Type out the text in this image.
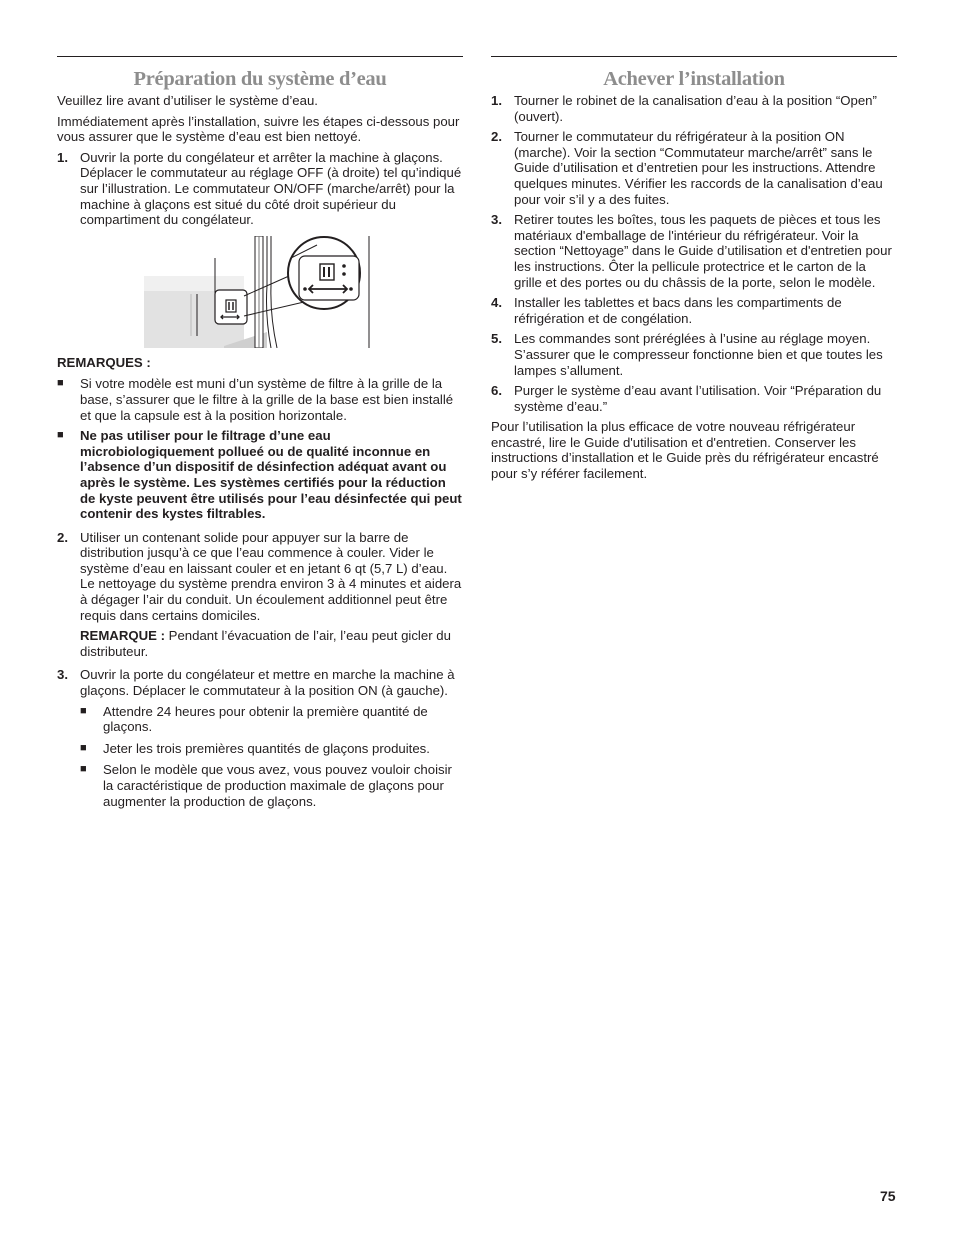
Préparation du système d’eau

Veuillez lire avant d’utiliser le système d’eau.

Immédiatement après l’installation, suivre les étapes ci-dessous pour vous assurer que le système d’eau est bien nettoyé.

1. Ouvrir la porte du congélateur et arrêter la machine à glaçons. Déplacer le commutateur au réglage OFF (à droite) tel qu’indiqué sur l’illustration. Le commutateur ON/OFF (marche/arrêt) pour la machine à glaçons est situé du côté droit supérieur du compartiment du congélateur.

REMARQUES :

■ Si votre modèle est muni d’un système de filtre à la grille de la base, s’assurer que le filtre à la grille de la base est bien installé et que la capsule est à la position horizontale.
■ Ne pas utiliser pour le filtrage d’une eau microbiologiquement pollueé ou de qualité inconnue en l’absence d’un dispositif de désinfection adéquat avant ou après le système. Les systèmes certifiés pour la réduction de kyste peuvent être utilisés pour l’eau désinfectée qui peut contenir des kystes filtrables.
2. Utiliser un contenant solide pour appuyer sur la barre de distribution jusqu’à ce que l’eau commence à couler. Vider le système d’eau en laissant couler et en jetant 6 qt (5,7 L) d’eau. Le nettoyage du système prendra environ 3 à 4 minutes et aidera à dégager l’air du conduit. Un écoulement additionnel peut être requis dans certains domiciles.

REMARQUE : Pendant l’évacuation de l’air, l’eau peut gicler du distributeur.

3. Ouvrir la porte du congélateur et mettre en marche la machine à glaçons. Déplacer le commutateur à la position ON (à gauche).
■ Attendre 24 heures pour obtenir la première quantité de glaçons.
■ Jeter les trois premières quantités de glaçons produites.
■ Selon le modèle que vous avez, vous pouvez vouloir choisir la caractéristique de production maximale de glaçons pour augmenter la production de glaçons.
Achever l’installation
1. Tourner le robinet de la canalisation d’eau à la position “Open” (ouvert).
2. Tourner le commutateur du réfrigérateur à la position ON (marche). Voir la section “Commutateur marche/arrêt” sans le Guide d’utilisation et d’entretien pour les instructions. Attendre quelques minutes. Vérifier les raccords de la canalisation d’eau pour voir s’il y a des fuites.
3. Retirer toutes les boîtes, tous les paquets de pièces et tous les matériaux d'emballage de l'intérieur du réfrigérateur. Voir la section “Nettoyage” dans le Guide d’utilisation et d'entretien pour les instructions. Ôter la pellicule protectrice et le carton de la grille et des portes ou du châssis de la porte, selon le modèle.
4. Installer les tablettes et bacs dans les compartiments de réfrigération et de congélation.
5. Les commandes sont préréglées à l’usine au réglage moyen. S’assurer que le compresseur fonctionne bien et que toutes les lampes s’allument.
6. Purger le système d’eau avant l’utilisation. Voir “Préparation du système d’eau.”

Pour l’utilisation la plus efficace de votre nouveau réfrigérateur encastré, lire le Guide d'utilisation et d'entretien. Conserver les instructions d’installation et le Guide près du réfrigérateur encastré pour s’y référer facilement.

75
